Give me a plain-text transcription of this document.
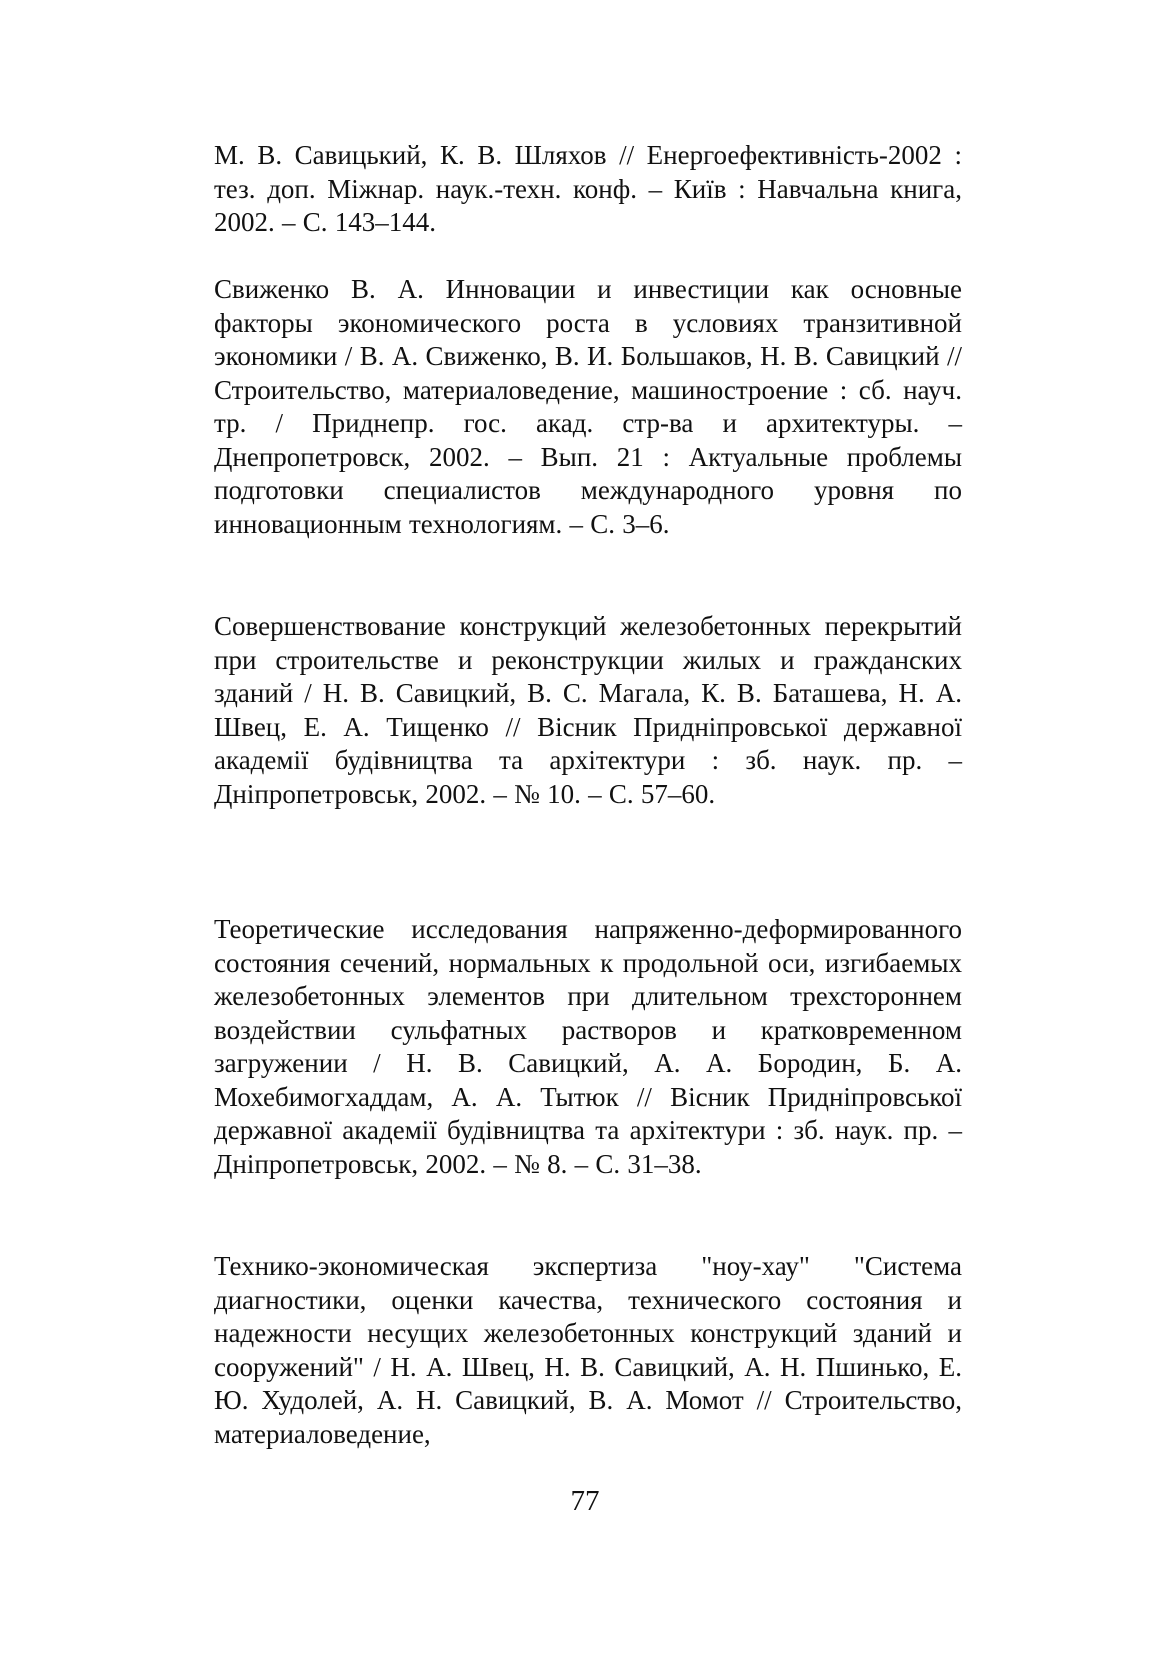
М. В. Савицький, К. В. Шляхов // Енергоефективність-2002 : тез. доп. Міжнар. наук.-техн. конф. – Київ : Навчальна книга, 2002. – С. 143–144.

Свиженко В. А. Инновации и инвестиции как основные факторы экономического роста в условиях транзитивной экономики / В. А. Свиженко, В. И. Большаков, Н. В. Савицкий // Строительство, материаловедение, машиностроение : сб. науч. тр. / Приднепр. гос. акад. стр-ва и архитектуры. – Днепропетровск, 2002. – Вып. 21 : Актуальные проблемы подготовки специалистов международного уровня по инновационным технологиям. – С. 3–6.

Совершенствование конструкций железобетонных перекрытий при строительстве и реконструкции жилых и гражданских зданий / Н. В. Савицкий, В. С. Магала, К. В. Баташева, Н. А. Швец, Е. А. Тищенко // Вісник Придніпровської державної академії будівництва та архітектури : зб. наук. пр. – Дніпропетровськ, 2002. – № 10. – С. 57–60.

Теоретические исследования напряженно-деформированного состояния сечений, нормальных к продольной оси, изгибаемых железобетонных элементов при длительном трехстороннем воздействии сульфатных растворов и кратковременном загружении / Н. В. Савицкий, А. А. Бородин, Б. А. Мохебимогхаддам, А. А. Тытюк // Вісник Придніпровської державної академії будівництва та архітектури : зб. наук. пр. – Дніпропетровськ, 2002. – № 8. – С. 31–38.

Технико-экономическая экспертиза "ноу-хау" "Система диагностики, оценки качества, технического состояния и надежности несущих железобетонных конструкций зданий и сооружений" / Н. А. Швец, Н. В. Савицкий, А. Н. Пшинько, Е. Ю. Худолей, А. Н. Савицкий, В. А. Момот // Строительство, материаловедение,

77
